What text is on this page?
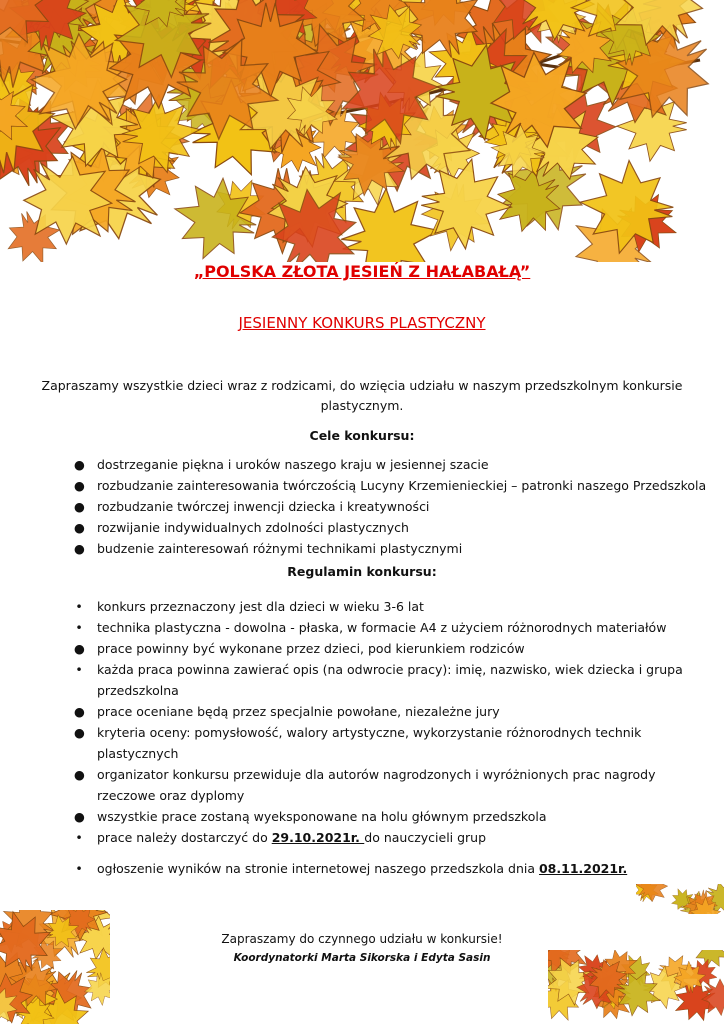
„POLSKA ZŁOTA JESIEŃ Z HAŁABAŁĄ”
JESIENNY KONKURS PLASTYCZNY
Zapraszamy wszystkie dzieci wraz z rodzicami, do wzięcia udziału w naszym przedszkolnym konkursie plastycznym.
Cele konkursu:
● dostrzeganie piękna i uroków naszego kraju w jesiennej szacie
● rozbudzanie zainteresowania twórczością Lucyny Krzemienieckiej – patronki naszego Przedszkola
● rozbudzanie twórczej inwencji dziecka i kreatywności
● rozwijanie indywidualnych zdolności plastycznych
● budzenie zainteresowań różnymi technikami plastycznymi
Regulamin konkursu:
• konkurs przeznaczony jest dla dzieci w wieku 3-6 lat
• technika plastyczna - dowolna - płaska, w formacie A4 z użyciem różnorodnych materiałów
● prace powinny być wykonane przez dzieci, pod kierunkiem rodziców
• każda praca powinna zawierać opis (na odwrocie pracy): imię, nazwisko, wiek dziecka i grupa przedszkolna
● prace oceniane będą przez specjalnie powołane, niezależne jury
● kryteria oceny: pomysłowość, walory artystyczne, wykorzystanie różnorodnych technik plastycznych
● organizator konkursu przewiduje dla autorów nagrodzonych i wyróżnionych prac nagrody rzeczowe oraz dyplomy
● wszystkie prace zostaną wyeksponowane na holu głównym przedszkola
• prace należy dostarczyć do 29.10.2021r. do nauczycieli grup
• ogłoszenie wyników na stronie internetowej naszego przedszkola dnia 08.11.2021r.
Zapraszamy do czynnego udziału w konkursie!
Koordynatorki Marta Sikorska i Edyta Sasin
